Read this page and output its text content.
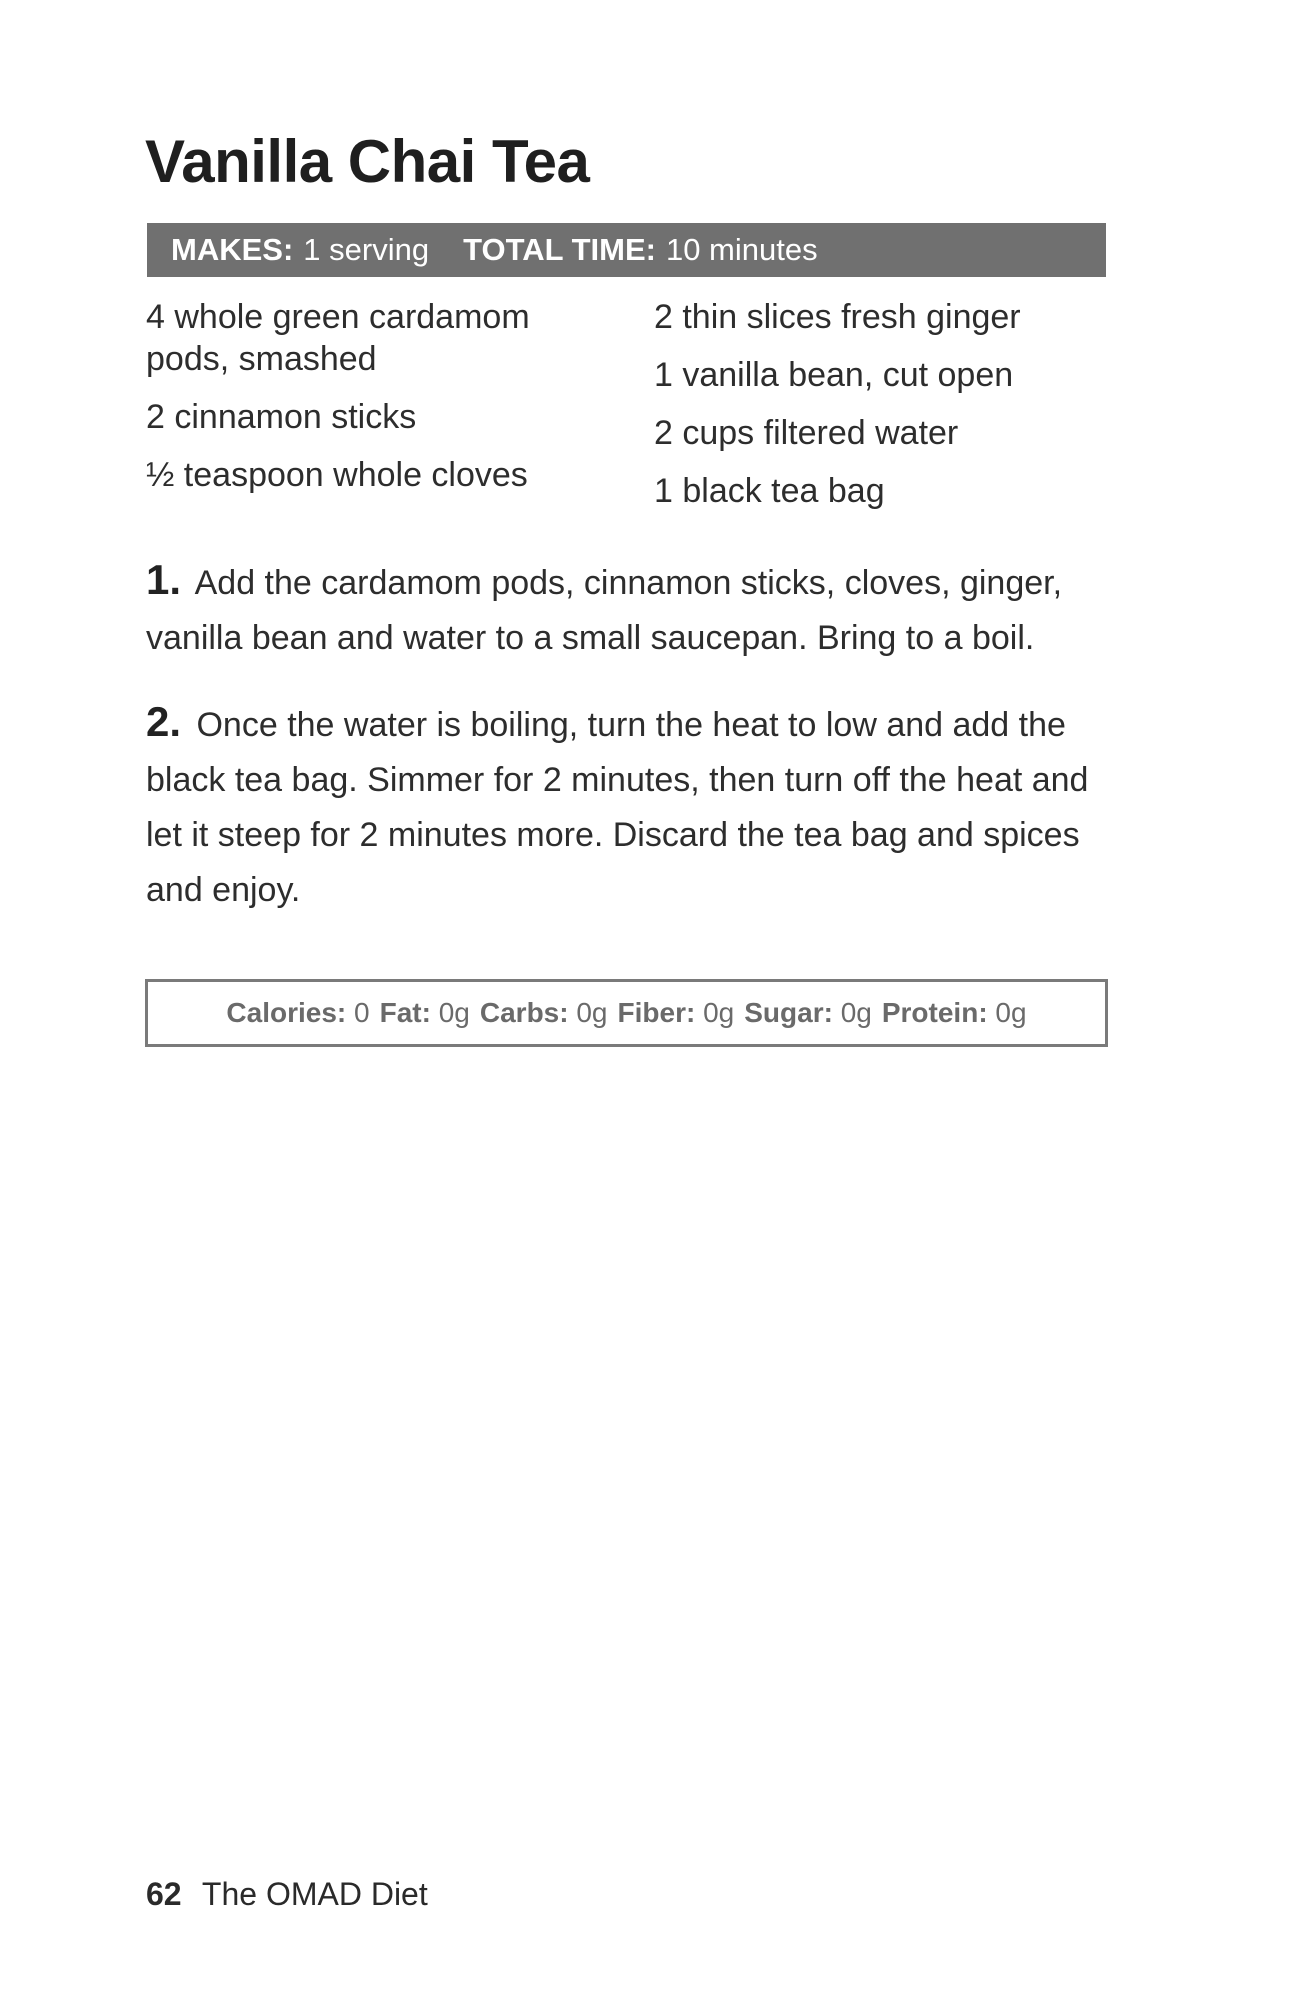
Vanilla Chai Tea
MAKES: 1 serving TOTAL TIME: 10 minutes
4 whole green cardamom pods, smashed
2 cinnamon sticks
½ teaspoon whole cloves
2 thin slices fresh ginger
1 vanilla bean, cut open
2 cups filtered water
1 black tea bag

1. Add the cardamom pods, cinnamon sticks, cloves, ginger, vanilla bean and water to a small saucepan. Bring to a boil.

2. Once the water is boiling, turn the heat to low and add the black tea bag. Simmer for 2 minutes, then turn off the heat and let it steep for 2 minutes more. Discard the tea bag and spices and enjoy.

Calories: 0 Fat: 0g Carbs: 0g Fiber: 0g Sugar: 0g Protein: 0g
62 The OMAD Diet
